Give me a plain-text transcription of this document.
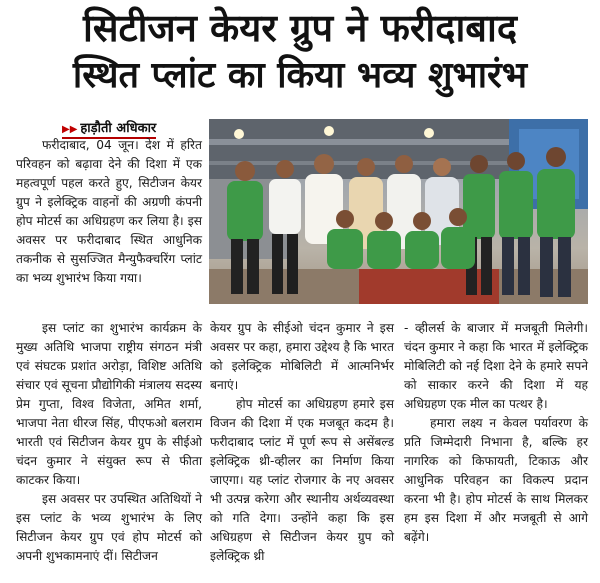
सिटीजन केयर ग्रुप ने फरीदाबाद
स्थित प्लांट का किया भव्य शुभारंभ
▶▶ हाड़ौती अधिकार

फरीदाबाद, 04 जून। देश में हरित परिवहन को बढ़ावा देने की दिशा में एक महत्वपूर्ण पहल करते हुए, सिटीजन केयर ग्रुप ने इलेक्ट्रिक वाहनों की अग्रणी कंपनी होप मोटर्स का अधिग्रहण कर लिया है। इस अवसर पर फरीदाबाद स्थित आधुनिक तकनीक से सुसज्जित मैन्युफैक्चरिंग प्लांट का भव्य शुभारंभ किया गया।

इस प्लांट का शुभारंभ कार्यक्रम के मुख्य अतिथि भाजपा राष्ट्रीय संगठन मंत्री एवं संघटक प्रशांत अरोड़ा, विशिष्ट अतिथि संचार एवं सूचना प्रौद्योगिकी मंत्रालय सदस्य प्रेम गुप्ता, विश्व विजेता, अमित शर्मा, भाजपा नेता धीरज सिंह, पीएफओ बलराम भारती एवं सिटीजन केयर ग्रुप के सीईओ चंदन कुमार ने संयुक्त रूप से फीता काटकर किया।

इस अवसर पर उपस्थित अतिथियों ने इस प्लांट के भव्य शुभारंभ के लिए सिटीजन केयर ग्रुप एवं होप मोटर्स को अपनी शुभकामनाएं दीं। सिटीजन

केयर ग्रुप के सीईओ चंदन कुमार ने इस अवसर पर कहा, हमारा उद्देश्य है कि भारत को इलेक्ट्रिक मोबिलिटी में आत्मनिर्भर बनाएं।

होप मोटर्स का अधिग्रहण हमारे इस विजन की दिशा में एक मजबूत कदम है। फरीदाबाद प्लांट में पूर्ण रूप से असेंबल्ड इलेक्ट्रिक थ्री-व्हीलर का निर्माण किया जाएगा। यह प्लांट रोजगार के नए अवसर भी उत्पन्न करेगा और स्थानीय अर्थव्यवस्था को गति देगा। उन्होंने कहा कि इस अधिग्रहण से सिटीजन केयर ग्रुप को इलेक्ट्रिक थ्री

- व्हीलर्स के बाजार में मजबूती मिलेगी। चंदन कुमार ने कहा कि भारत में इलेक्ट्रिक मोबिलिटी को नई दिशा देने के हमारे सपने को साकार करने की दिशा में यह अधिग्रहण एक मील का पत्थर है।

हमारा लक्ष्य न केवल पर्यावरण के प्रति जिम्मेदारी निभाना है, बल्कि हर नागरिक को किफायती, टिकाऊ और आधुनिक परिवहन का विकल्प प्रदान करना भी है। होप मोटर्स के साथ मिलकर हम इस दिशा में और मजबूती से आगे बढ़ेंगे।
